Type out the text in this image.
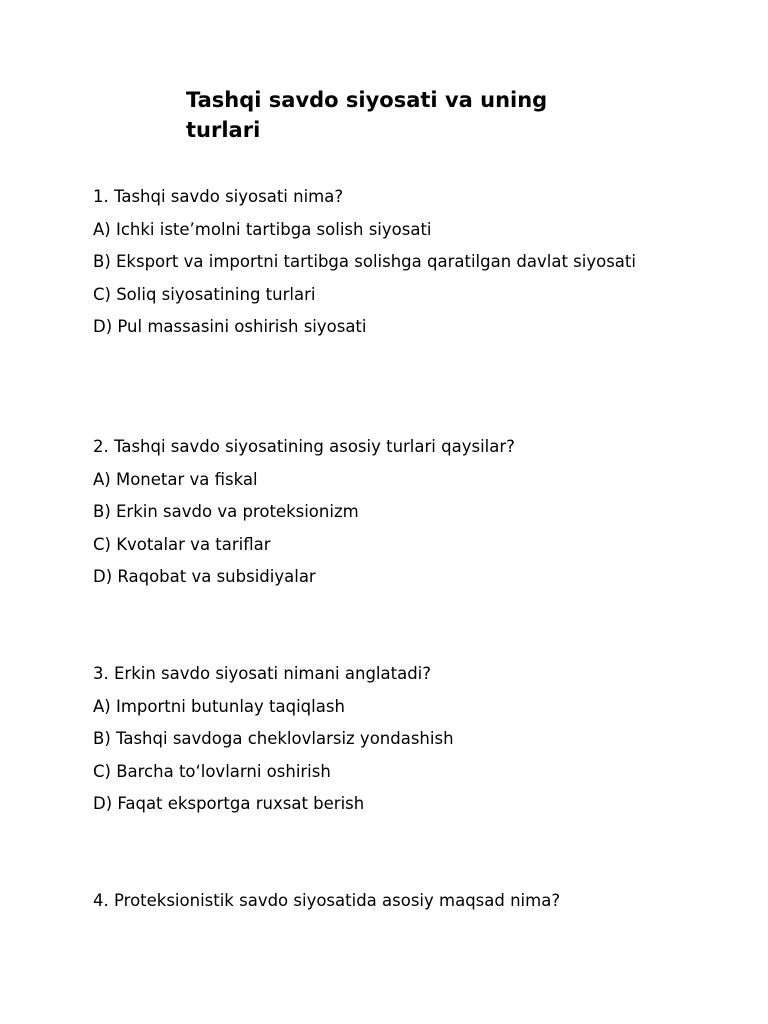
Tashqi savdo siyosati va uning turlari

1. Tashqi savdo siyosati nima?

A) Ichki iste’molni tartibga solish siyosati

B) Eksport va importni tartibga solishga qaratilgan davlat siyosati

C) Soliq siyosatining turlari

D) Pul massasini oshirish siyosati

2. Tashqi savdo siyosatining asosiy turlari qaysilar?

A) Monetar va fiskal

B) Erkin savdo va proteksionizm

C) Kvotalar va tariflar

D) Raqobat va subsidiyalar

3. Erkin savdo siyosati nimani anglatadi?

A) Importni butunlay taqiqlash

B) Tashqi savdoga cheklovlarsiz yondashish

C) Barcha to‘lovlarni oshirish

D) Faqat eksportga ruxsat berish

4. Proteksionistik savdo siyosatida asosiy maqsad nima?
